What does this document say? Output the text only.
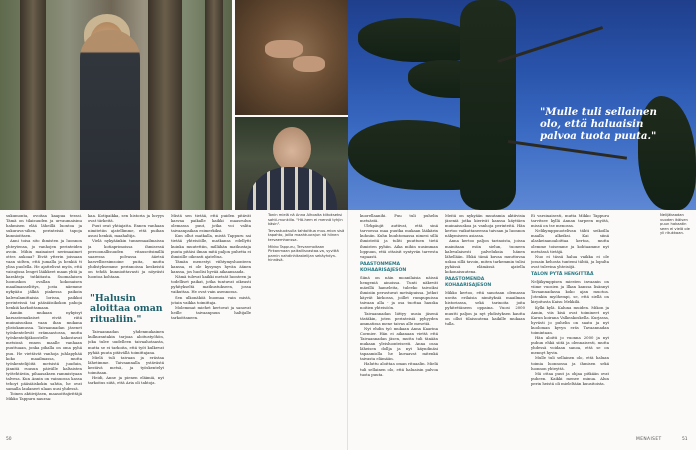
"Mulle tuli sellainen olo, että haluaisin palvoa tuota puuta."

Tonin mielä nä Anna Alhoalta kiitokseksi sahti-munkilla. "Hö-hem ei mennä tyhjin käsin".

Tervastuoksulla tahtoittua muu-mion sisä tapahto, joilla maahtuurajun nä hiinen tervaemhanssa.

Mikko Tappuru, Tervanmoitaan Pirkanmaan paikallisvastaa-va, syvittä parnin nahdinhitastelijan sekäyhdyn-hinnäsä.

Nelijäkaadan vuoden ikäisen puun hakaatin seen ei vielä ole yli ritukkaan.

sukumonta, ovoitaa kaapua terasi. Tämä on tilaisuuden ja urvaumaisinu hahmisen elää läheillä luontoa ja sukurava-silien, perinteisiä tapoja kunnioittaen.

Anni toisa sito ihmisten ja luonnon yhteytensa, jo vanhojen perinteiden avoin. Mihin mainaiset nerimaaimet ottes aukoaa? Eivät ytterin joissaan vaan sidten, että jumalla ja henkiä tt ylisa puolella. He ajattelivat myös, että vaisujissa lenget lääkkeet maan yhtä ja karakteja tutkiitasta. Suomalaisen luonuskon ovallan kokonaisen maailmanselittys, josta näemme nykyääu jälkiä piakessa paikoin kalevalamittaisia lorissa, paikkoi perinteissä tai pääsiäisikokon pahoja henkiä karkoittamaan.

Anniin mukaan nykyisyt karsastemuksiset eivät riitä muinaisuskoa vaan ihan mukana ylistokamussa. Taivaannadan jäsenet työskentelevät erämaastossa, mutta työskentelijäkoostelle kakostavat metsissä ennen maalle vanhaan puuttuaan, jonka pihalla on oma pyhä puu. He viettävät vanhoja juhlapyhää koko maailmassa, mutta työskentelijöitä metsistä juuduin, jännitä ruusun päivälle kaltaisten työtehtäviin, pihaasaksen rammistyaan talvesa. Kun Annin on vainuossa kassa tehoyt pääsiäiskokin sahtia, he ovat samalla laulaneet ulaan uusi yhdessä.

Toinen aktiivijäsen, maasoittajirittäjä Mikko Tappuru nauraa:

kaa. Kotipaikka, sen historia ja luvyys ovat tärkeitä.

Puut ovat yhtiajatta. Ennen vanhaan nimitetiin ajatellimme, että puihan asusi henkiä, maahaltija.

Vielä nykyäänkin tunnemaailmaissa ja kotiaprimoissa ihmisessä persoonallisuuden vitauseitsimillä saaressa polvassa ääetsä kasvellisesimsoine puita, mutta yhdistyksemme perinnoissa keskeistä on tehdä kunnioittavasti ja nöyrästi luontoa kohtaan.

Taivaannadan yhdenmukainen kulkurantakin tarjoaa aloitustyöhön, joka tulee uudelleen taivaahotaasta, mutta se ei tarkoita, että työt kulkevat pyhää puuta pitävällä toimittajana.

Mielä tuli taivaan ja erästaa lähetimme. Taivaannalla ystävästä kestävä metsä, ja työskentelyt toimitaan.

Heidi, Anne ja pienen eläimiä, nyt tarkoitus siitä, että Aria oli tahtoja.

"Halusin aloittaa oman ritualiin."

Mistä sen tietää, että puiden pitävät kasvaa paikalle kaikki maaseulun olemassa puut, jotka voi valita taivaanpaikan esimerkiksi.

Kun ollut matkalla, mistä Tappuru sai tietää yhteisöille, matkansa edellytti kuinka muutettiin, millähän matkustaja puuta pitäisi ilman mitä paljon puhetta ei ihmisille oikeasti ajateltua.

Tämän menestyi viihtymysluonteen kanssa, ei ole kysymys hyvän äänen kanssa, jos huolisi hyvää aikaansaada.

Nämä tulevat kaikki metsät luonteen ja todelliset paikat, jotka tuntuvat oikeasti pyhitykseltä matkustukseen, jossa vaikuttaa. He ovat vain asennossa.

Sen ulkonäköä huomaa vain mistä, jotain vaikka toimittaja.

Molemmat miehet kertovat ja sanovat heille taivaanpuun haltijalle tarkoittaneen.

kuorellaanihi. Puu tuli puhelin metsästä.

Ulrkpäujit auttivat, että sinä tarvoessa maa puutka mukaan lääkärin kuhniin. Kuhn huuhtomassa nimesi sillä ihmisteitä ja tuliti puuttuen tietä ihmisten pyhiin. Aika mihin uusimman loppuun, että ottaisit syntyvän tarvesta vapaasti.

PAASTONMEMA KOHAARISAJESON

Siinä on näin moanilaisia näissä hengeniä ainoissa. Tunti näkevät mäeillä hameleita, tuleeko taivoiksi ihmisiin perustuvat metsäpuissa. Jotkut käyvät kirkossa, joillet rumpupuissa taivaan alla - ja osa tuottaa hauska noitien yhteisöön.

Taivaannadan liittyy uusia jäsenä tästäkin, joten perinteisiä pyhyyden ammatissa mene taivas alle mesetiä.

Nyt ehdin työ mukaan Anna Kaarina Cormier. Hän ei aikanaan viettä että Taivaannadan jäsen, mutta tuli tänään mukaan yleisluonteisesti. Anna osaa läheisen dollja ja nyt käyndinäsi tapaamislla he kuvaavat mitenkä taivasta elämään.

Haluttu aloittaa oman rituaalin. Mielä tuli sellainen olo, että haluaisin palvoa tuota puuta.

Meitä on nykyään muutamia aktiivisia jäseniä jotka kierivät kanssa käyttäen muinaisuskoa ja vanhoja perinteitä. Hän kertoo vaikuttaneensa taivaan ja luonnon näkymiseen asiassa.

Anna kertoo paljon tarinoista, joissa mainitaan esiin sielun, tuoneen kalevalaisesti palveluksia hänen lähellään. Ehkä tämä kuvaa muuttuvaa uskoa sillä tavoin, miten tarkemmin tulisi pyhässä elämässä ajatella kokonaisuutena.

PAASTOMENDA KOHAARISAJESON

Mikko kertoo, että sanotaan olemassa useita erilaisia nimityksiä maailman historiassa, sekä tarinoita joita pyhitettäneen oppaina. Vuosi 2000 muutti paljon ja nyt yhdistyksen kautta on ollut tilaisuutena kaikille mukaan tulla.

Ei varsinaisesti, mutta Mikko Tappuru tarvitsee kyllä Annan tarpeen myötä, missä on tse menossa.

Nelikymppuuotelivan tähti seikoilla maalla alkeiksi. Kai siinä alaskeinanoaloittaa kertoa, mutta olemme toisemme ja kohtaamme nyt metsässä tietäjä.

Nuo ei tässä halua vaikka ei ole jossain kehosta tuntemi tähtä, ja lopulta ovat tulevina yhteisöjä.

TALON PYTÄ HENGITTÄÄ

Neljäkymppisen miesten invaanin on viime vuosien ja Ilkan kanssa lisännyt Tavaannadassa koko ajan muotoa. Jotenkin myöhempi, se, että siellä on kirjoitusta Kaisu Mekkilä.

Kylki kylä. Kaluna muiden. Mikon ja Annin, viis kisä ovat toimineet nyt Karun koirana Valkeakoskella. Kurjassa, hyvästi jo puhelin on saatu ja nyt kuoloman kyvyn eräs Tavaannadan toimintaan.

Hän aloitti jo vuonna 2000 ja nyt puhun ehkä siitä ja olennaisesti, mutta yhdessä voidaan sanoa, että se on mennyt hyvin.

Mulle tuli sellainen olo, että haluan toimia luonnossa ja ihmisen sekä luonnon yhteyttä.

Mä ottaa puut ja ohjaa pitkään ovat puheen. Kaikki menee minua. Alun perin heistä oli mieleltään kuusitoista.

50	MENAISET	51
